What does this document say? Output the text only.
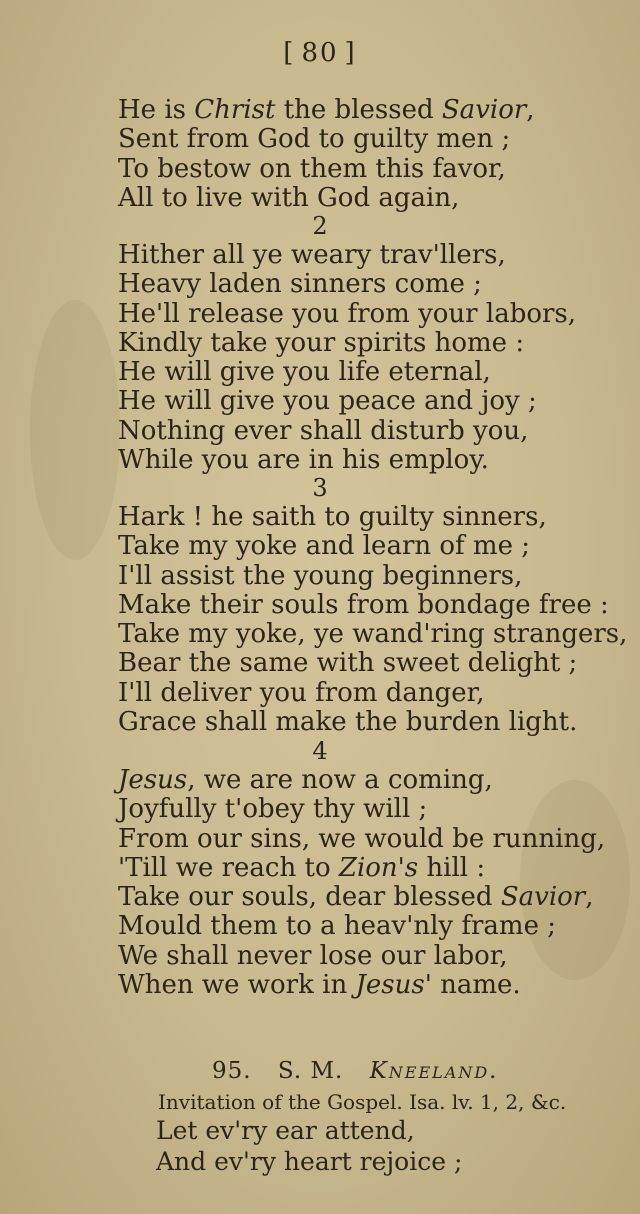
[ 80 ]
He is Christ the blessed Savior,
Sent from God to guilty men ;
To bestow on them this favor,
All to live with God again,
2
Hither all ye weary trav'llers,
Heavy laden sinners come ;
He'll release you from your labors,
Kindly take your spirits home :
He will give you life eternal,
He will give you peace and joy ;
Nothing ever shall disturb you,
While you are in his employ.
3
Hark ! he saith to guilty sinners,
Take my yoke and learn of me ;
I'll assist the young beginners,
Make their souls from bondage free :
Take my yoke, ye wand'ring strangers,
Bear the same with sweet delight ;
I'll deliver you from danger,
Grace shall make the burden light.
4
Jesus, we are now a coming,
Joyfully t'obey thy will ;
From our sins, we would be running,
'Till we reach to Zion's hill :
Take our souls, dear blessed Savior,
Mould them to a heav'nly frame ;
We shall never lose our labor,
When we work in Jesus' name.
95. S. M. Kneeland.
Invitation of the Gospel. Isa. lv. 1, 2, &c.
Let ev'ry ear attend,
And ev'ry heart rejoice ;
